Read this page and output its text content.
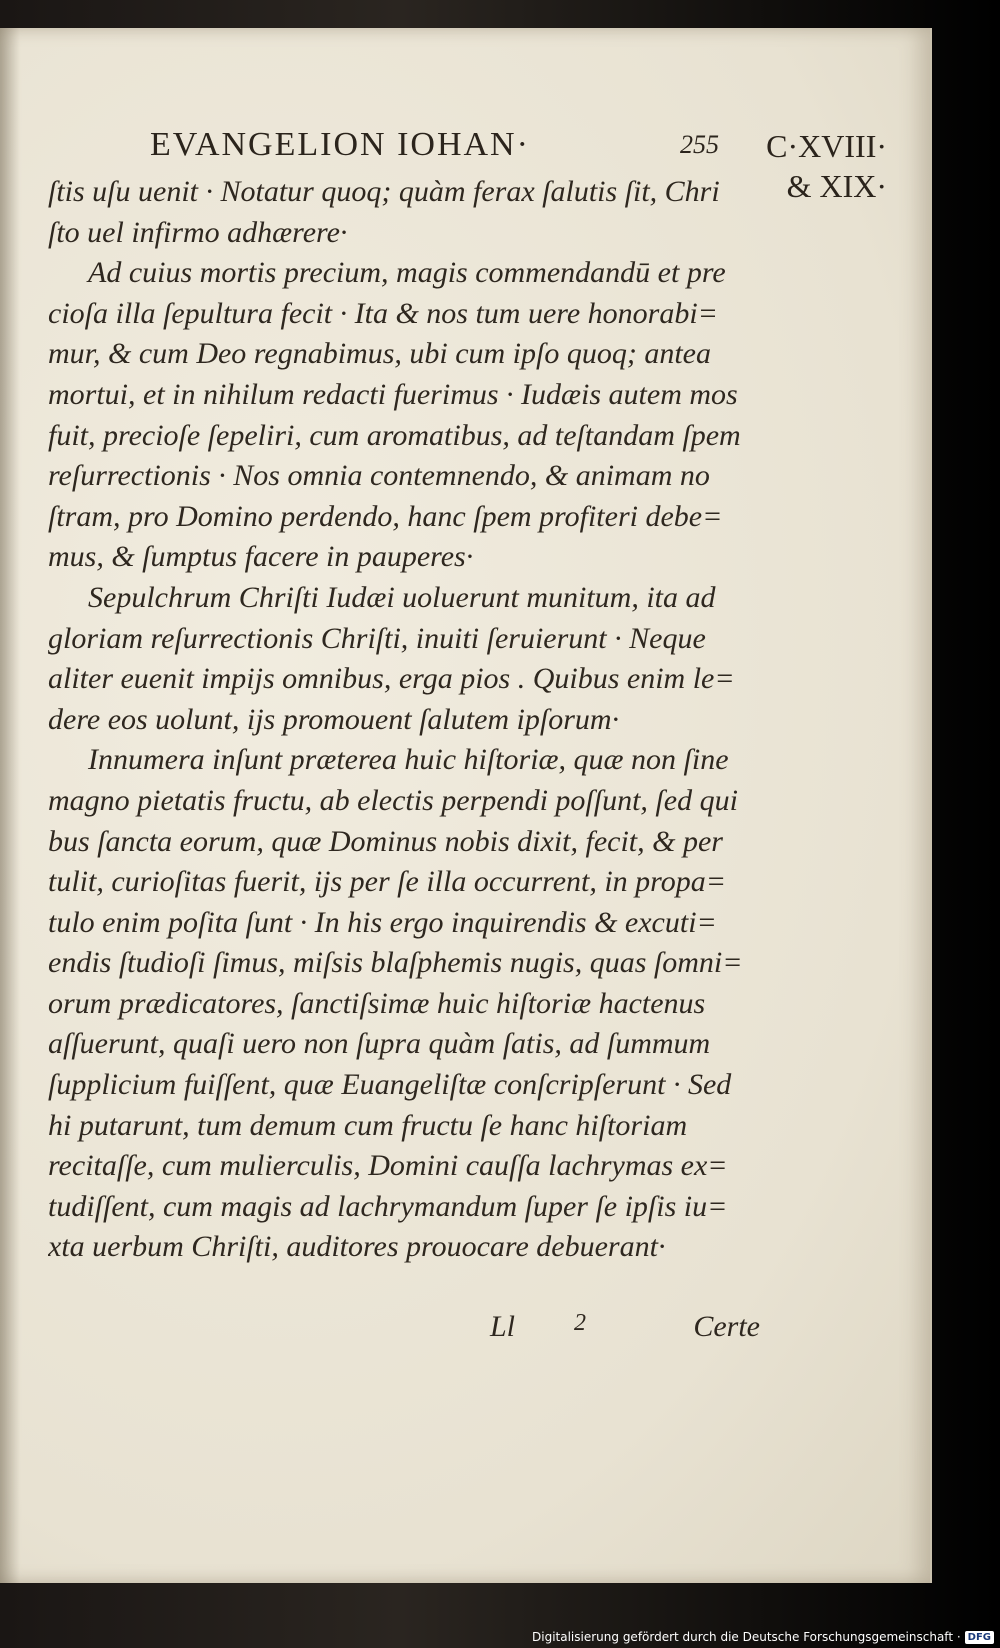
EVANGELION IOHAN·	255	C·XVIII·
& XIX·
ſtis uſu uenit · Notatur quoq; quàm ferax ſalutis ſit, Chri
ſto uel infirmo adhærere·
Ad cuius mortis precium, magis commendandū et pre
cioſa illa ſepultura fecit · Ita & nos tum uere honorabi=
mur, & cum Deo regnabimus, ubi cum ipſo quoq; antea
mortui, et in nihilum redacti fuerimus · Iudæis autem mos
fuit, precioſe ſepeliri, cum aromatibus, ad teſtandam ſpem
reſurrectionis · Nos omnia contemnendo, & animam no
ſtram, pro Domino perdendo, hanc ſpem profiteri debe=
mus, & ſumptus facere in pauperes·
Sepulchrum Chriſti Iudæi uoluerunt munitum, ita ad
gloriam reſurrectionis Chriſti, inuiti ſeruierunt · Neque
aliter euenit impijs omnibus, erga pios . Quibus enim le=
dere eos uolunt, ijs promouent ſalutem ipſorum·
Innumera inſunt præterea huic hiſtoriæ, quæ non ſine
magno pietatis fructu, ab electis perpendi poſſunt, ſed qui
bus ſancta eorum, quæ Dominus nobis dixit, fecit, & per
tulit, curioſitas fuerit, ijs per ſe illa occurrent, in propa=
tulo enim poſita ſunt · In his ergo inquirendis & excuti=
endis ſtudioſi ſimus, miſsis blaſphemis nugis, quas ſomni=
orum prædicatores, ſanctiſsimæ huic hiſtoriæ hactenus
aſſuerunt, quaſi uero non ſupra quàm ſatis, ad ſummum
ſupplicium fuiſſent, quæ Euangeliſtæ conſcripſerunt · Sed
hi putarunt, tum demum cum fructu ſe hanc hiſtoriam
recitaſſe, cum mulierculis, Domini cauſſa lachrymas ex=
tudiſſent, cum magis ad lachrymandum ſuper ſe ipſis iu=
xta uerbum Chriſti, auditores prouocare debuerant·
Ll 2	Certe
Digitalisierung gefördert durch die Deutsche Forschungsgemeinschaft · DFG
